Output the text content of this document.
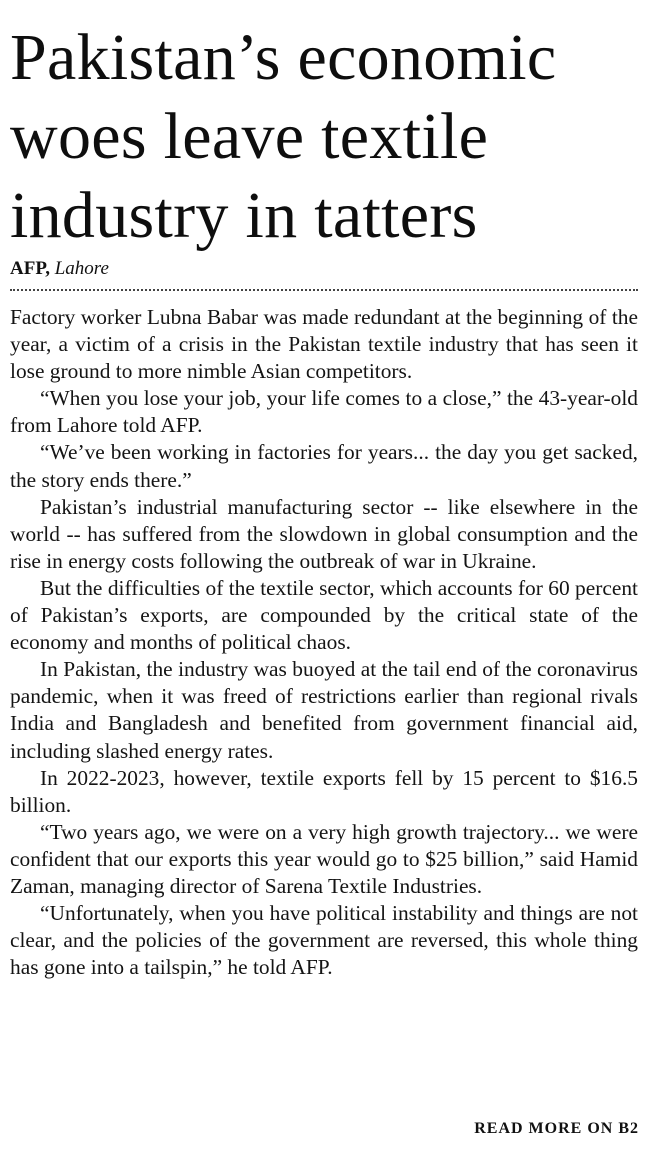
Pakistan’s economic
woes leave textile
industry in tatters
AFP, Lahore

Factory worker Lubna Babar was made redundant at the beginning of the year, a victim of a crisis in the Pakistan textile industry that has seen it lose ground to more nimble Asian competitors.

“When you lose your job, your life comes to a close,” the 43-year-old from Lahore told AFP.

“We’ve been working in factories for years... the day you get sacked, the story ends there.”

Pakistan’s industrial manufacturing sector -- like elsewhere in the world -- has suffered from the slowdown in global consumption and the rise in energy costs following the outbreak of war in Ukraine.

But the difficulties of the textile sector, which accounts for 60 percent of Pakistan’s exports, are compounded by the critical state of the economy and months of political chaos.

In Pakistan, the industry was buoyed at the tail end of the coronavirus pandemic, when it was freed of restrictions earlier than regional rivals India and Bangladesh and benefited from government financial aid, including slashed energy rates.

In 2022-2023, however, textile exports fell by 15 percent to $16.5 billion.

“Two years ago, we were on a very high growth trajectory... we were confident that our exports this year would go to $25 billion,” said Hamid Zaman, managing director of Sarena Textile Industries.

“Unfortunately, when you have political instability and things are not clear, and the policies of the government are reversed, this whole thing has gone into a tailspin,” he told AFP.

READ MORE ON B2
